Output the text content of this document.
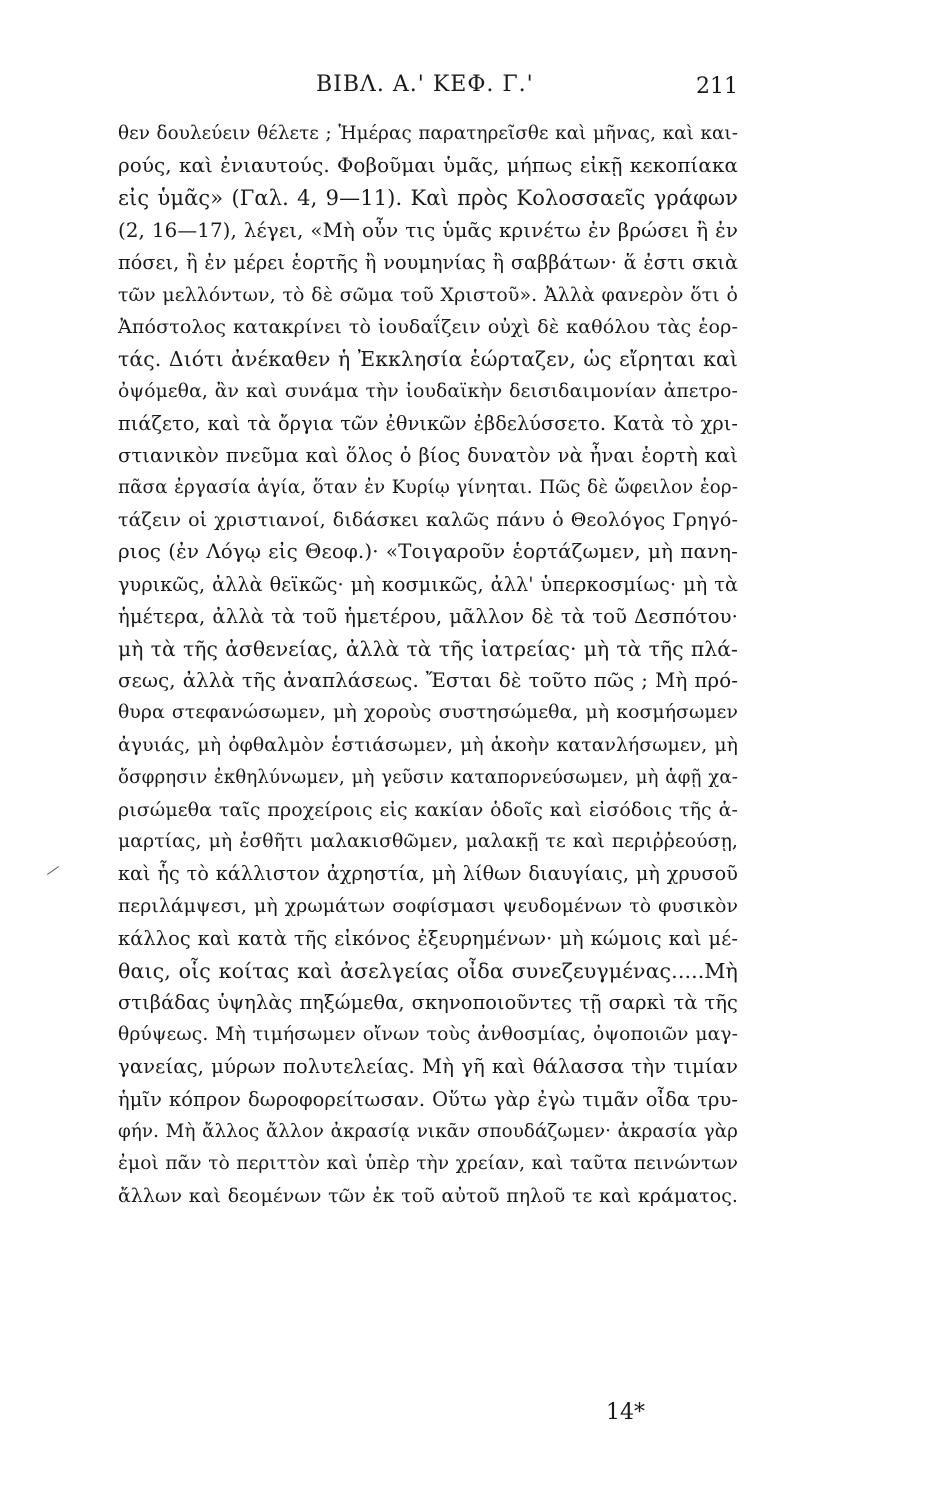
ΒΙΒΛ. Α.' ΚΕΦ. Γ.'	211
θεν δουλεύειν θέλετε ; Ἡμέρας παρατηρεῖσθε καὶ μῆνας, καὶ και-
ρούς, καὶ ἐνιαυτούς. Φοβοῦμαι ὑμᾶς, μήπως εἰκῇ κεκοπίακα
εἰς ὑμᾶς» (Γαλ. 4, 9—11). Καὶ πρὸς Κολοσσαεῖς γράφων
(2, 16—17), λέγει, «Μὴ οὖν τις ὑμᾶς κρινέτω ἐν βρώσει ἢ ἐν
πόσει, ἢ ἐν μέρει ἑορτῆς ἢ νουμηνίας ἢ σαββάτων· ἅ ἐστι σκιὰ
τῶν μελλόντων, τὸ δὲ σῶμα τοῦ Χριστοῦ». Ἀλλὰ φανερὸν ὅτι ὁ
Ἀπόστολος κατακρίνει τὸ ἰουδαΐζειν οὐχὶ δὲ καθόλου τὰς ἑορ-
τάς. Διότι ἀνέκαθεν ἡ Ἐκκλησία ἑώρταζεν, ὡς εἴρηται καὶ
ὀψόμεθα, ἂν καὶ συνάμα τὴν ἰουδαϊκὴν δεισιδαιμονίαν ἀπετρο-
πιάζετο, καὶ τὰ ὄργια τῶν ἐθνικῶν ἐβδελύσσετο. Κατὰ τὸ χρι-
στιανικὸν πνεῦμα καὶ ὅλος ὁ βίος δυνατὸν νὰ ἦναι ἑορτὴ καὶ
πᾶσα ἐργασία ἁγία, ὅταν ἐν Κυρίῳ γίνηται. Πῶς δὲ ὤφειλον ἑορ-
τάζειν οἱ χριστιανοί, διδάσκει καλῶς πάνυ ὁ Θεολόγος Γρηγό-
ριος (ἐν Λόγῳ εἰς Θεοφ.)· «Τοιγαροῦν ἑορτάζωμεν, μὴ πανη-
γυρικῶς, ἀλλὰ θεϊκῶς· μὴ κοσμικῶς, ἀλλ' ὑπερκοσμίως· μὴ τὰ
ἡμέτερα, ἀλλὰ τὰ τοῦ ἡμετέρου, μᾶλλον δὲ τὰ τοῦ Δεσπότου·
μὴ τὰ τῆς ἀσθενείας, ἀλλὰ τὰ τῆς ἰατρείας· μὴ τὰ τῆς πλά-
σεως, ἀλλὰ τῆς ἀναπλάσεως. Ἔσται δὲ τοῦτο πῶς ; Μὴ πρό-
θυρα στεφανώσωμεν, μὴ χοροὺς συστησώμεθα, μὴ κοσμήσωμεν
ἀγυιάς, μὴ ὀφθαλμὸν ἑστιάσωμεν, μὴ ἀκοὴν κατανλήσωμεν, μὴ
ὄσφρησιν ἐκθηλύνωμεν, μὴ γεῦσιν καταπορνεύσωμεν, μὴ ἁφῇ χα-
ρισώμεθα ταῖς προχείροις εἰς κακίαν ὁδοῖς καὶ εἰσόδοις τῆς ἁ-
μαρτίας, μὴ ἐσθῆτι μαλακισθῶμεν, μαλακῇ τε καὶ περιῤῥεούσῃ,
καὶ ἧς τὸ κάλλιστον ἀχρηστία, μὴ λίθων διαυγίαις, μὴ χρυσοῦ
περιλάμψεσι, μὴ χρωμάτων σοφίσμασι ψευδομένων τὸ φυσικὸν
κάλλος καὶ κατὰ τῆς εἰκόνος ἐξευρημένων· μὴ κώμοις καὶ μέ-
θαις, οἷς κοίτας καὶ ἀσελγείας οἶδα συνεζευγμένας.....Μὴ
στιβάδας ὑψηλὰς πηξώμεθα, σκηνοποιοῦντες τῇ σαρκὶ τὰ τῆς
θρύψεως. Μὴ τιμήσωμεν οἴνων τοὺς ἀνθοσμίας, ὀψοποιῶν μαγ-
γανείας, μύρων πολυτελείας. Μὴ γῆ καὶ θάλασσα τὴν τιμίαν
ἡμῖν κόπρον δωροφορείτωσαν. Οὕτω γὰρ ἐγὼ τιμᾶν οἶδα τρυ-
φήν. Μὴ ἄλλος ἄλλον ἀκρασίᾳ νικᾶν σπουδάζωμεν· ἀκρασία γὰρ
ἐμοὶ πᾶν τὸ περιττὸν καὶ ὑπὲρ τὴν χρείαν, καὶ ταῦτα πεινώντων
ἄλλων καὶ δεομένων τῶν ἐκ τοῦ αὐτοῦ πηλοῦ τε καὶ κράματος.
14*
